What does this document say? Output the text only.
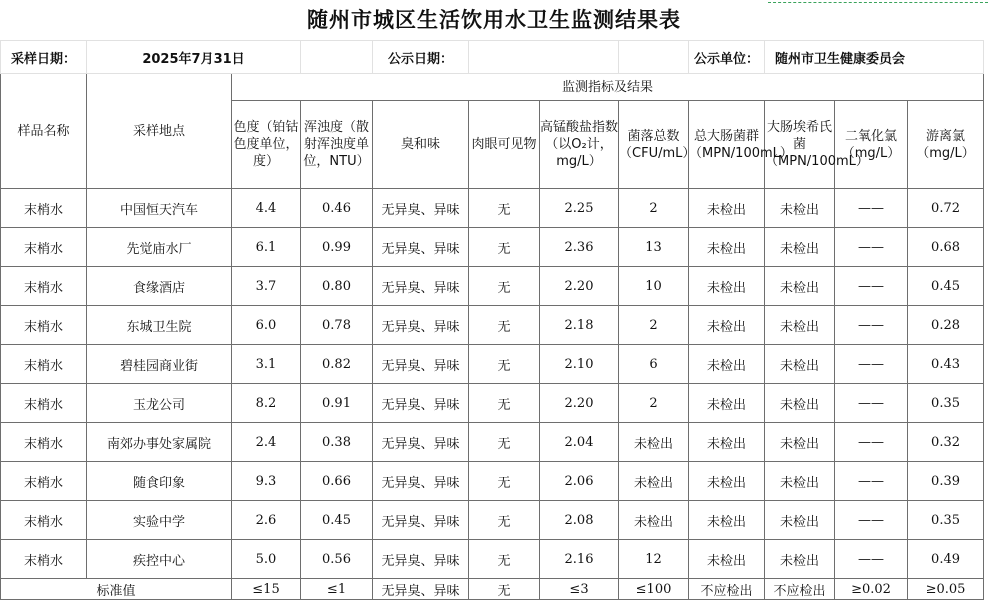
随州市城区生活饮用水卫生监测结果表
采样日期：	2025年7月31日			公示日期：				公示单位：	随州市卫生健康委员会		
样品名称	采样地点	监测指标及结果									
		色度（铂钴色度单位，度）	浑浊度（散射浑浊度单位，NTU）	臭和味	肉眼可见物	高锰酸盐指数（以O₂计，mg/L）	菌落总数（CFU/mL）	总大肠菌群（MPN/100mL）	大肠埃希氏菌（MPN/100mL）	二氧化氯（mg/L）	游离氯（mg/L）
末梢水	中国恒天汽车	4.4	0.46	无异臭、异味	无	2.25	2	未检出	未检出	——	0.72
末梢水	先觉庙水厂	6.1	0.99	无异臭、异味	无	2.36	13	未检出	未检出	——	0.68
末梢水	食缘酒店	3.7	0.80	无异臭、异味	无	2.20	10	未检出	未检出	——	0.45
末梢水	东城卫生院	6.0	0.78	无异臭、异味	无	2.18	2	未检出	未检出	——	0.28
末梢水	碧桂园商业街	3.1	0.82	无异臭、异味	无	2.10	6	未检出	未检出	——	0.43
末梢水	玉龙公司	8.2	0.91	无异臭、异味	无	2.20	2	未检出	未检出	——	0.35
末梢水	南郊办事处家属院	2.4	0.38	无异臭、异味	无	2.04	未检出	未检出	未检出	——	0.32
末梢水	随食印象	9.3	0.66	无异臭、异味	无	2.06	未检出	未检出	未检出	——	0.39
末梢水	实验中学	2.6	0.45	无异臭、异味	无	2.08	未检出	未检出	未检出	——	0.35
末梢水	疾控中心	5.0	0.56	无异臭、异味	无	2.16	12	未检出	未检出	——	0.49
标准值		≤15	≤1	无异臭、异味	无	≤3	≤100	不应检出	不应检出	≥0.02	≥0.05
